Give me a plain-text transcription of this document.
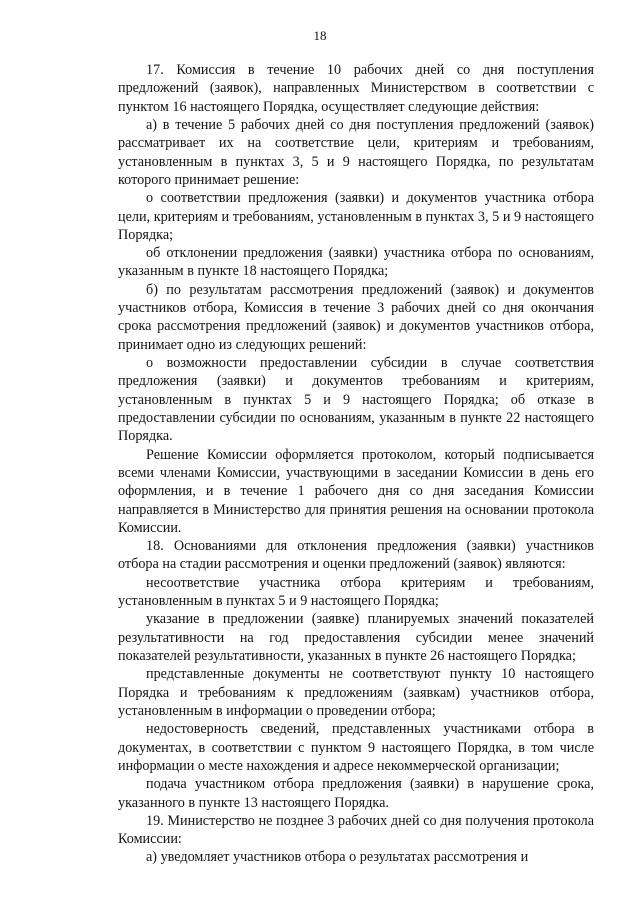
18

17. Комиссия в течение 10 рабочих дней со дня поступления предложений (заявок), направленных Министерством в соответствии с пунктом 16 настоящего Порядка, осуществляет следующие действия:

а) в течение 5 рабочих дней со дня поступления предложений (заявок) рассматривает их на соответствие цели, критериям и требованиям, установленным в пунктах 3, 5 и 9 настоящего Порядка, по результатам которого принимает решение:

о соответствии предложения (заявки) и документов участника отбора цели, критериям и требованиям, установленным в пунктах 3, 5 и 9 настоящего Порядка;

об отклонении предложения (заявки) участника отбора по основаниям, указанным в пункте 18 настоящего Порядка;

б) по результатам рассмотрения предложений (заявок) и документов участников отбора, Комиссия в течение 3 рабочих дней со дня окончания срока рассмотрения предложений (заявок) и документов участников отбора, принимает одно из следующих решений:

о возможности предоставлении субсидии в случае соответствия предложения (заявки) и документов требованиям и критериям, установленным в пунктах 5 и 9 настоящего Порядка; об отказе в предоставлении субсидии по основаниям, указанным в пункте 22 настоящего Порядка.

Решение Комиссии оформляется протоколом, который подписывается всеми членами Комиссии, участвующими в заседании Комиссии в день его оформления, и в течение 1 рабочего дня со дня заседания Комиссии направляется в Министерство для принятия решения на основании протокола Комиссии.

18. Основаниями для отклонения предложения (заявки) участников отбора на стадии рассмотрения и оценки предложений (заявок) являются:

несоответствие участника отбора критериям и требованиям, установленным в пунктах 5 и 9 настоящего Порядка;

указание в предложении (заявке) планируемых значений показателей результативности на год предоставления субсидии менее значений показателей результативности, указанных в пункте 26 настоящего Порядка;

представленные документы не соответствуют пункту 10 настоящего Порядка и требованиям к предложениям (заявкам) участников отбора, установленным в информации о проведении отбора;

недостоверность сведений, представленных участниками отбора в документах, в соответствии с пунктом 9 настоящего Порядка, в том числе информации о месте нахождения и адресе некоммерческой организации;

подача участником отбора предложения (заявки) в нарушение срока, указанного в пункте 13 настоящего Порядка.

19. Министерство не позднее 3 рабочих дней со дня получения протокола Комиссии:

а) уведомляет участников отбора о результатах рассмотрения и
